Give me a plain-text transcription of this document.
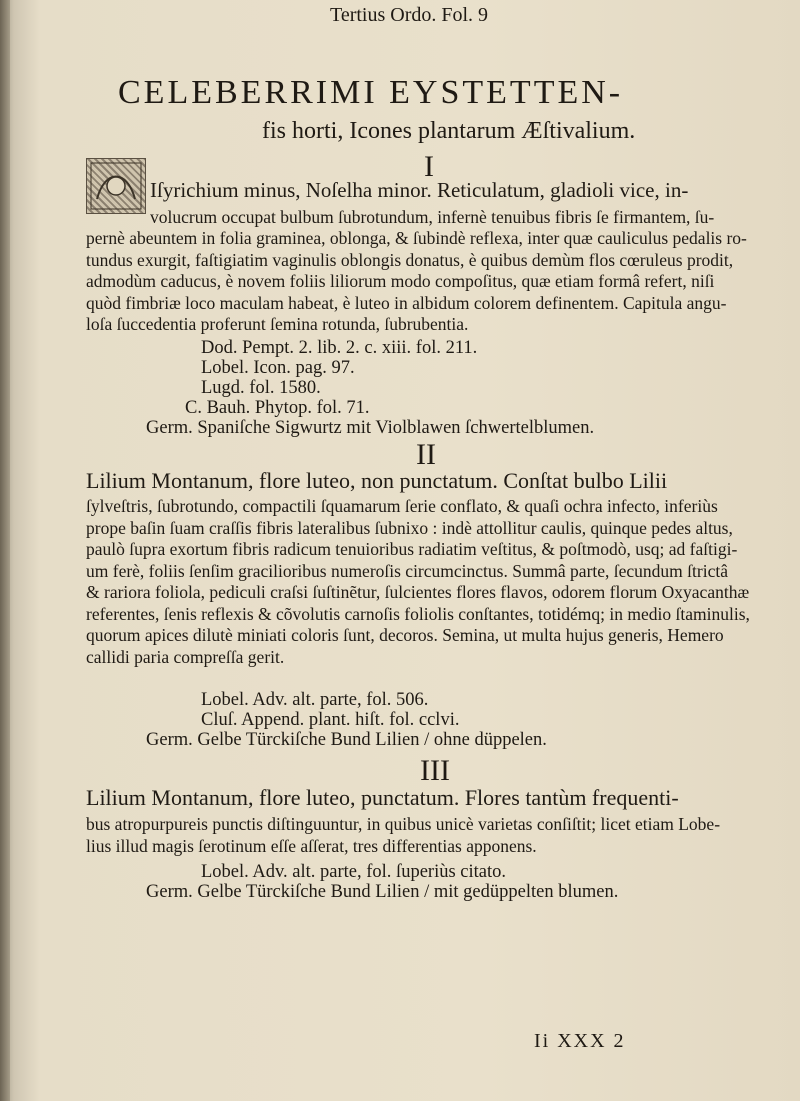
Tertius Ordo. Fol. 9
CELEBERRIMI EYSTETTEN-
fis horti, Icones plantarum Æſtivalium.
I
Iſyrichium minus, Noſelha minor. Reticulatum, gladioli vice, in-
volucrum occupat bulbum ſubrotundum, infernè tenuibus fibris ſe firmantem, ſu-
pernè abeuntem in folia graminea, oblonga, & ſubindè reflexa, inter quæ cauliculus pedalis ro-
tundus exurgit, faſtigiatim vaginulis oblongis donatus, è quibus demùm flos cœruleus prodit,
admodùm caducus, è novem foliis liliorum modo compoſitus, quæ etiam formâ refert, niſi
quòd fimbriæ loco maculam habeat, è luteo in albidum colorem definentem. Capitula angu-
loſa ſuccedentia proferunt ſemina rotunda, ſubrubentia.
Dod. Pempt. 2. lib. 2. c. xiii. fol. 211.
Lobel. Icon. pag. 97.
Lugd. fol. 1580.
C. Bauh. Phytop. fol. 71.
Germ. Spaniſche Sigwurtz mit Violblawen ſchwertelblumen.
II
Lilium Montanum, flore luteo, non punctatum. Conſtat bulbo Lilii
ſylveſtris, ſubrotundo, compactili ſquamarum ſerie conflato, & quaſi ochra infecto, inferiùs
prope baſin ſuam craſſis fibris lateralibus ſubnixo : indè attollitur caulis, quinque pedes altus,
paulò ſupra exortum fibris radicum tenuioribus radiatim veſtitus, & poſtmodò, usq; ad faſtigi-
um ferè, foliis ſenſim gracilioribus numeroſis circumcinctus. Summâ parte, ſecundum ſtrictâ
& rariora foliola, pediculi craſsi ſuſtinẽtur, ſulcientes flores flavos, odorem florum Oxyacanthæ
referentes, ſenis reflexis & cõvolutis carnoſis foliolis conſtantes, totidémq; in medio ſtaminulis,
quorum apices dilutè miniati coloris ſunt, decoros. Semina, ut multa hujus generis, Hemero
callidi paria compreſſa gerit.
Lobel. Adv. alt. parte, fol. 506.
Cluſ. Append. plant. hiſt. fol. cclvi.
Germ. Gelbe Türckiſche Bund Lilien / ohne düppelen.
III
Lilium Montanum, flore luteo, punctatum. Flores tantùm frequenti-
bus atropurpureis punctis diſtinguuntur, in quibus unicè varietas conſiſtit; licet etiam Lobe-
lius illud magis ſerotinum eſſe aſſerat, tres differentias apponens.
Lobel. Adv. alt. parte, fol. ſuperiùs citato.
Germ. Gelbe Türckiſche Bund Lilien / mit gedüppelten blumen.
Ii XXX 2
